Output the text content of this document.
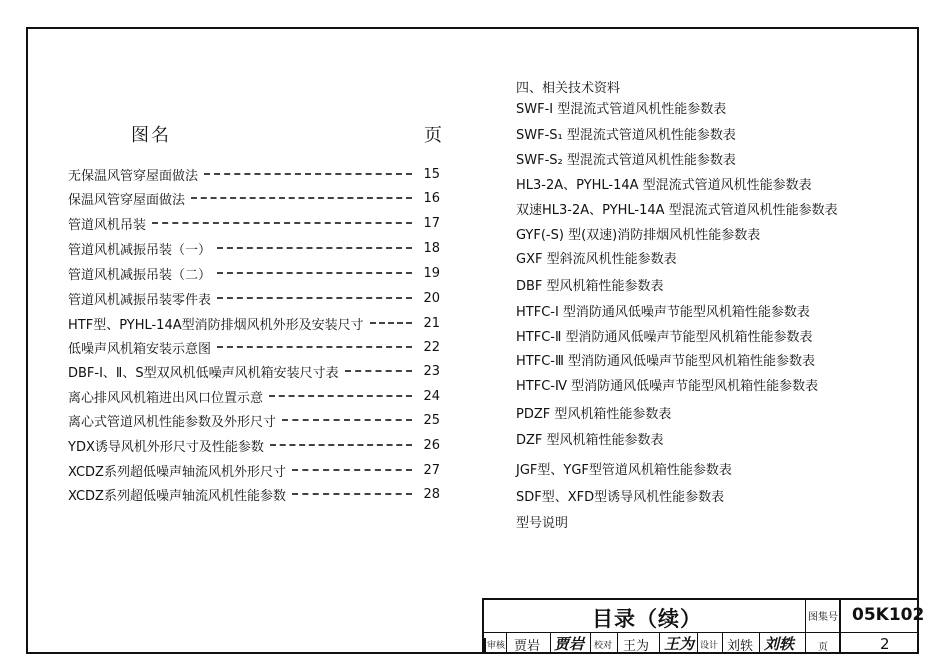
图名	页
无保温风管穿屋面做法	15
保温风管穿屋面做法	16
管道风机吊装	17
管道风机减振吊装（一）	18
管道风机减振吊装（二）	19
管道风机减振吊装零件表	20
HTF型、PYHL-14A型消防排烟风机外形及安装尺寸	21
低噪声风机箱安装示意图	22
DBF-Ⅰ、Ⅱ、S型双风机低噪声风机箱安装尺寸表	23
离心排风风机箱进出风口位置示意	24
离心式管道风机性能参数及外形尺寸	25
YDX诱导风机外形尺寸及性能参数	26
XCDZ系列超低噪声轴流风机外形尺寸	27
XCDZ系列超低噪声轴流风机性能参数	28
四、相关技术资料
SWF-Ⅰ 型混流式管道风机性能参数表
SWF-S₁ 型混流式管道风机性能参数表
SWF-S₂ 型混流式管道风机性能参数表
HL3-2A、PYHL-14A 型混流式管道风机性能参数表
双速HL3-2A、PYHL-14A 型混流式管道风机性能参数表
GYF(-S) 型(双速)消防排烟风机性能参数表
GXF 型斜流风机性能参数表
DBF 型风机箱性能参数表
HTFC-Ⅰ 型消防通风低噪声节能型风机箱性能参数表
HTFC-Ⅱ 型消防通风低噪声节能型风机箱性能参数表
HTFC-Ⅲ 型消防通风低噪声节能型风机箱性能参数表
HTFC-Ⅳ 型消防通风低噪声节能型风机箱性能参数表
PDZF 型风机箱性能参数表
DZF 型风机箱性能参数表
JGF型、YGF型管道风机箱性能参数表
SDF型、XFD型诱导风机性能参数表
型号说明
目录（续）	图集号 05K102
审核 贾岩 贾岩 校对 王为 王为 设计 刘轶 刘轶 页	2
